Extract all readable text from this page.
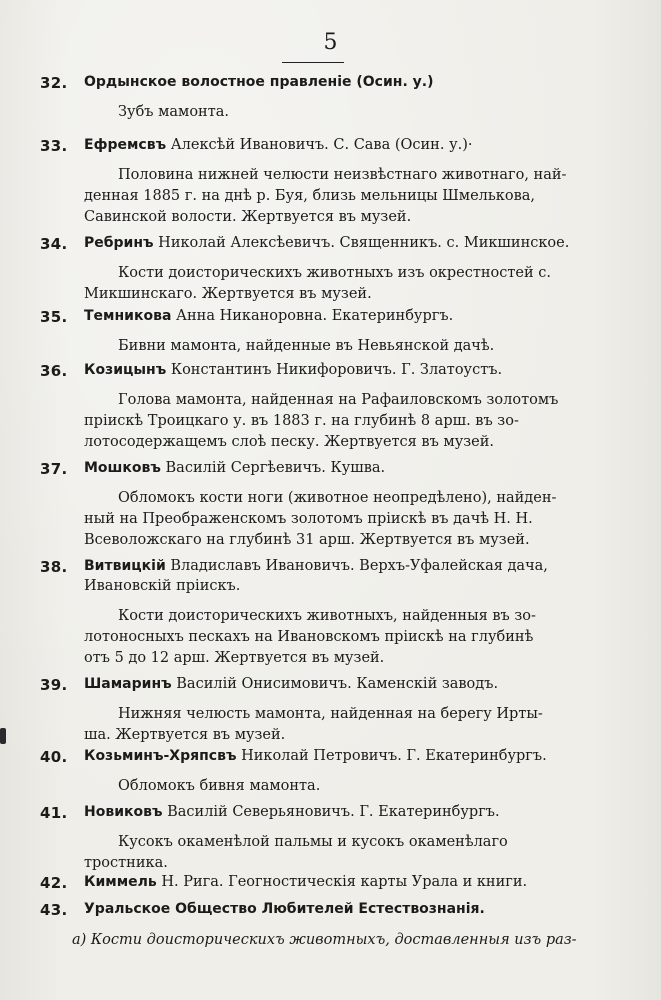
5
32.	Ордынское волостное правленіе (Осин. у.)
Зубъ мамонта.
33.	Ефремсвъ Алексѣй Ивановичъ. С. Сава (Осин. у.)·
Половина нижней челюсти неизвѣстнаго животнаго, най-
денная 1885 г. на днѣ р. Буя, близь мельницы Шмелькова,
Савинской волости. Жертвуется въ музей.
34.	Ребринъ Николай Алексѣевичъ. Священникъ. с. Микшинское.
Кости доисторическихъ животныхъ изъ окрестностей с.
Микшинскаго. Жертвуется въ музей.
35.	Темникова Анна Никаноровна. Екатеринбургъ.
Бивни мамонта, найденные въ Невьянской дачѣ.
36.	Козицынъ Константинъ Никифоровичъ. Г. Златоустъ.
Голова мамонта, найденная на Рафаиловскомъ золотомъ
пріискѣ Троицкаго у. въ 1883 г. на глубинѣ 8 арш. въ зо-
лотосодержащемъ слоѣ песку. Жертвуется въ музей.
37.	Мошковъ Василій Сергѣевичъ. Кушва.
Обломокъ кости ноги (животное неопредѣлено), найден-
ный на Преображенскомъ золотомъ пріискѣ въ дачѣ Н. Н.
Всеволожскаго на глубинѣ 31 арш. Жертвуется въ музей.
38.	Витвицкій Владиславъ Ивановичъ. Верхъ-Уфалейская дача,
Ивановскій пріискъ.
Кости доисторическихъ животныхъ, найденныя въ зо-
лотоносныхъ пескахъ на Ивановскомъ пріискѣ на глубинѣ
отъ 5 до 12 арш. Жертвуется въ музей.
39.	Шамаринъ Василій Онисимовичъ. Каменскій заводъ.
Нижняя челюсть мамонта, найденная на берегу Ирты-
ша. Жертвуется въ музей.
40.	Козьминъ-Хряпсвъ Николай Петровичъ. Г. Екатеринбургъ.
Обломокъ бивня мамонта.
41.	Новиковъ Василій Северьяновичъ. Г. Екатеринбургъ.
Кусокъ окаменѣлой пальмы и кусокъ окаменѣлаго
тростника.
42.	Киммель Н. Рига. Геогностическія карты Урала и книги.
43.	Уральское Общество Любителей Естествознанія.
а) Кости доисторическихъ животныхъ, доставленныя изъ раз-
